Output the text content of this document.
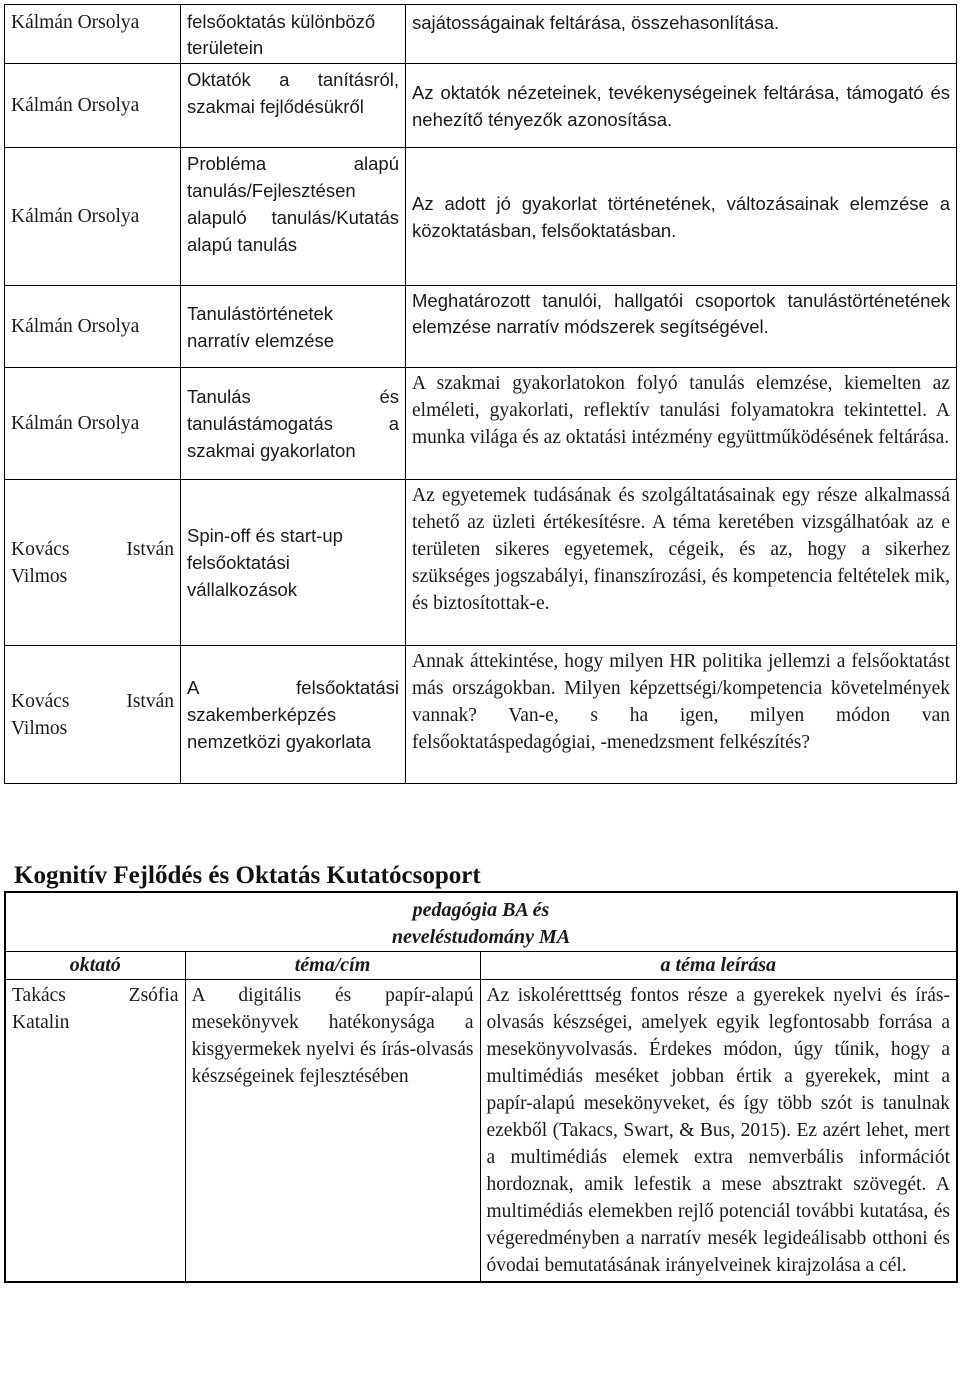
Kálmán Orsolya	felsőoktatás különböző területein	sajátosságainak feltárása, összehasonlítása.
Kálmán Orsolya	Oktatók a tanításról, szakmai fejlődésükről	Az oktatók nézeteinek, tevékenységeinek feltárása, támogató és nehezítő tényezők azonosítása.
Kálmán Orsolya	Probléma alapú tanulás/Fejlesztésen alapuló tanulás/Kutatás alapú tanulás	Az adott jó gyakorlat történetének, változásainak elemzése a közoktatásban, felsőoktatásban.
Kálmán Orsolya	Tanulástörténetek narratív elemzése	Meghatározott tanulói, hallgatói csoportok tanulástörténetének elemzése narratív módszerek segítségével.
Kálmán Orsolya	Tanulás és tanulástámogatás a szakmai gyakorlaton	A szakmai gyakorlatokon folyó tanulás elemzése, kiemelten az elméleti, gyakorlati, reflektív tanulási folyamatokra tekintettel. A munka világa és az oktatási intézmény együttműködésének feltárása.
Kovács István Vilmos	Spin-off és start-up felsőoktatási vállalkozások	Az egyetemek tudásának és szolgáltatásainak egy része alkalmassá tehető az üzleti értékesítésre. A téma keretében vizsgálhatóak az e területen sikeres egyetemek, cégeik, és az, hogy a sikerhez szükséges jogszabályi, finanszírozási, és kompetencia feltételek mik, és biztosítottak-e.
Kovács István Vilmos	A felsőoktatási szakemberképzés nemzetközi gyakorlata	Annak áttekintése, hogy milyen HR politika jellemzi a felsőoktatást más országokban. Milyen képzettségi/kompetencia követelmények vannak? Van-e, s ha igen, milyen módon van felsőoktatáspedagógiai, -menedzsment felkészítés?
Kognitív Fejlődés és Oktatás Kutatócsoport
pedagógia BA és neveléstudomány MA		

oktató	téma/cím	a téma leírása
Takács Zsófia Katalin	A digitális és papír-alapú mesekönyvek hatékonysága a kisgyermekek nyelvi és írás-olvasás készségeinek fejlesztésében	Az iskoléretttség fontos része a gyerekek nyelvi és írás-olvasás készségei, amelyek egyik legfontosabb forrása a mesekönyvolvasás. Érdekes módon, úgy tűnik, hogy a multimédiás meséket jobban értik a gyerekek, mint a papír-alapú mesekönyveket, és így több szót is tanulnak ezekből (Takacs, Swart, & Bus, 2015). Ez azért lehet, mert a multimédiás elemek extra nemverbális információt hordoznak, amik lefestik a mese absztrakt szövegét. A multimédiás elemekben rejlő potenciál további kutatása, és végeredményben a narratív mesék legideálisabb otthoni és óvodai bemutatásának irányelveinek kirajzolása a cél.
